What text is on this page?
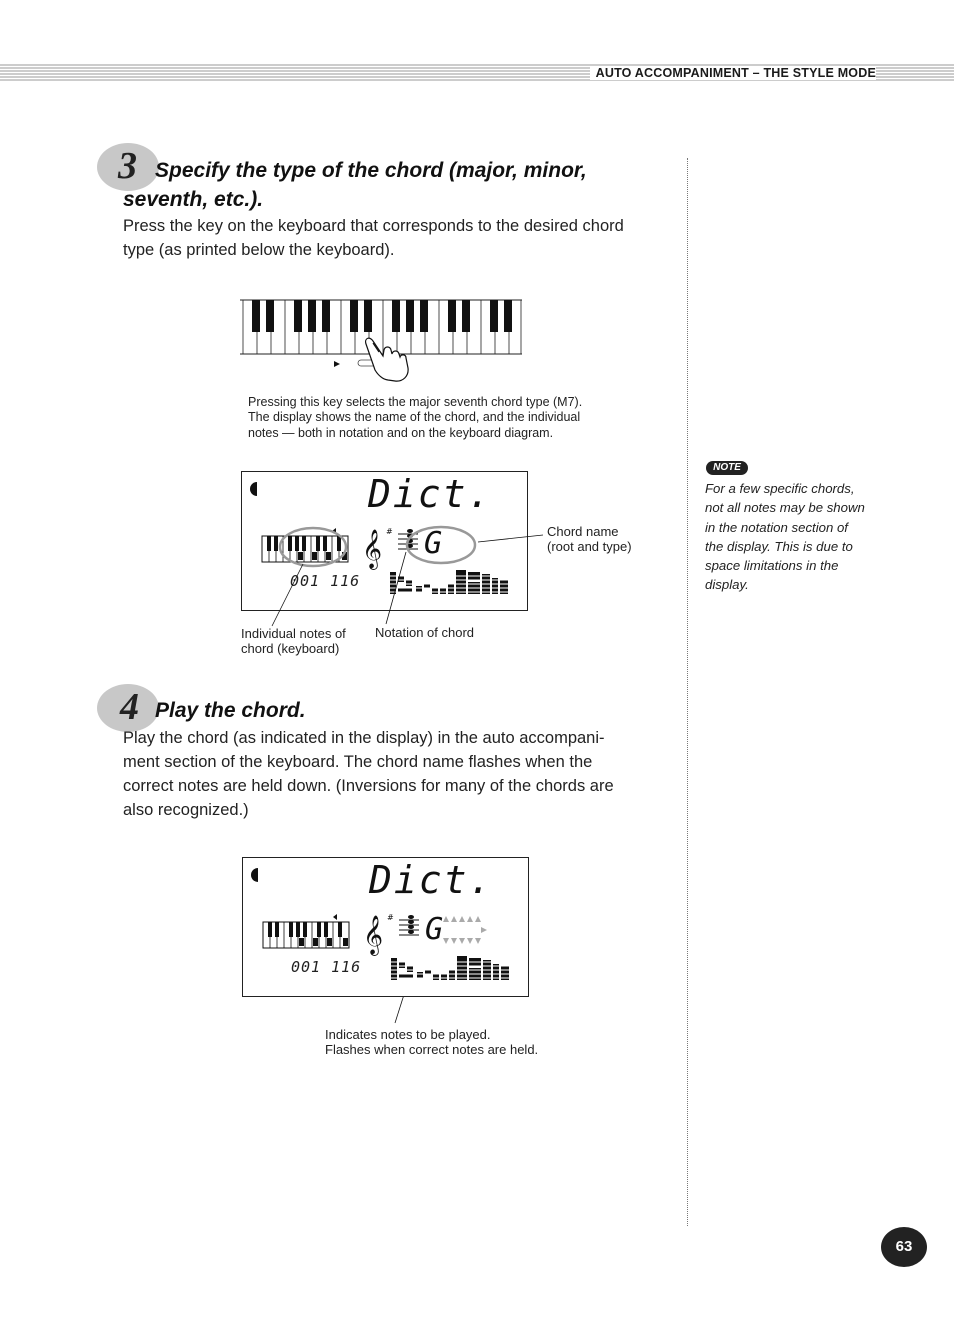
AUTO ACCOMPANIMENT – THE STYLE MODE
3 Specify the type of the chord (major, minor,
seventh, etc.).
Press the key on the keyboard that corresponds to the desired chord
type (as printed below the keyboard).
Pressing this key selects the major seventh chord type (M7).
The display shows the name of the chord, and the individual
notes — both in notation and on the keyboard diagram.
Dict.
𝄞 # G
001 116
Chord name
(root and type)
Individual notes of
chord (keyboard)
Notation of chord
NOTE
For a few specific chords,
not all notes may be shown
in the notation section of
the display. This is due to
space limitations in the
display.
4 Play the chord.
Play the chord (as indicated in the display) in the auto accompani-
ment section of the keyboard. The chord name flashes when the
correct notes are held down. (Inversions for many of the chords are
also recognized.)
Dict.
𝄞 # G
001 116
Indicates notes to be played.
Flashes when correct notes are held.
63
